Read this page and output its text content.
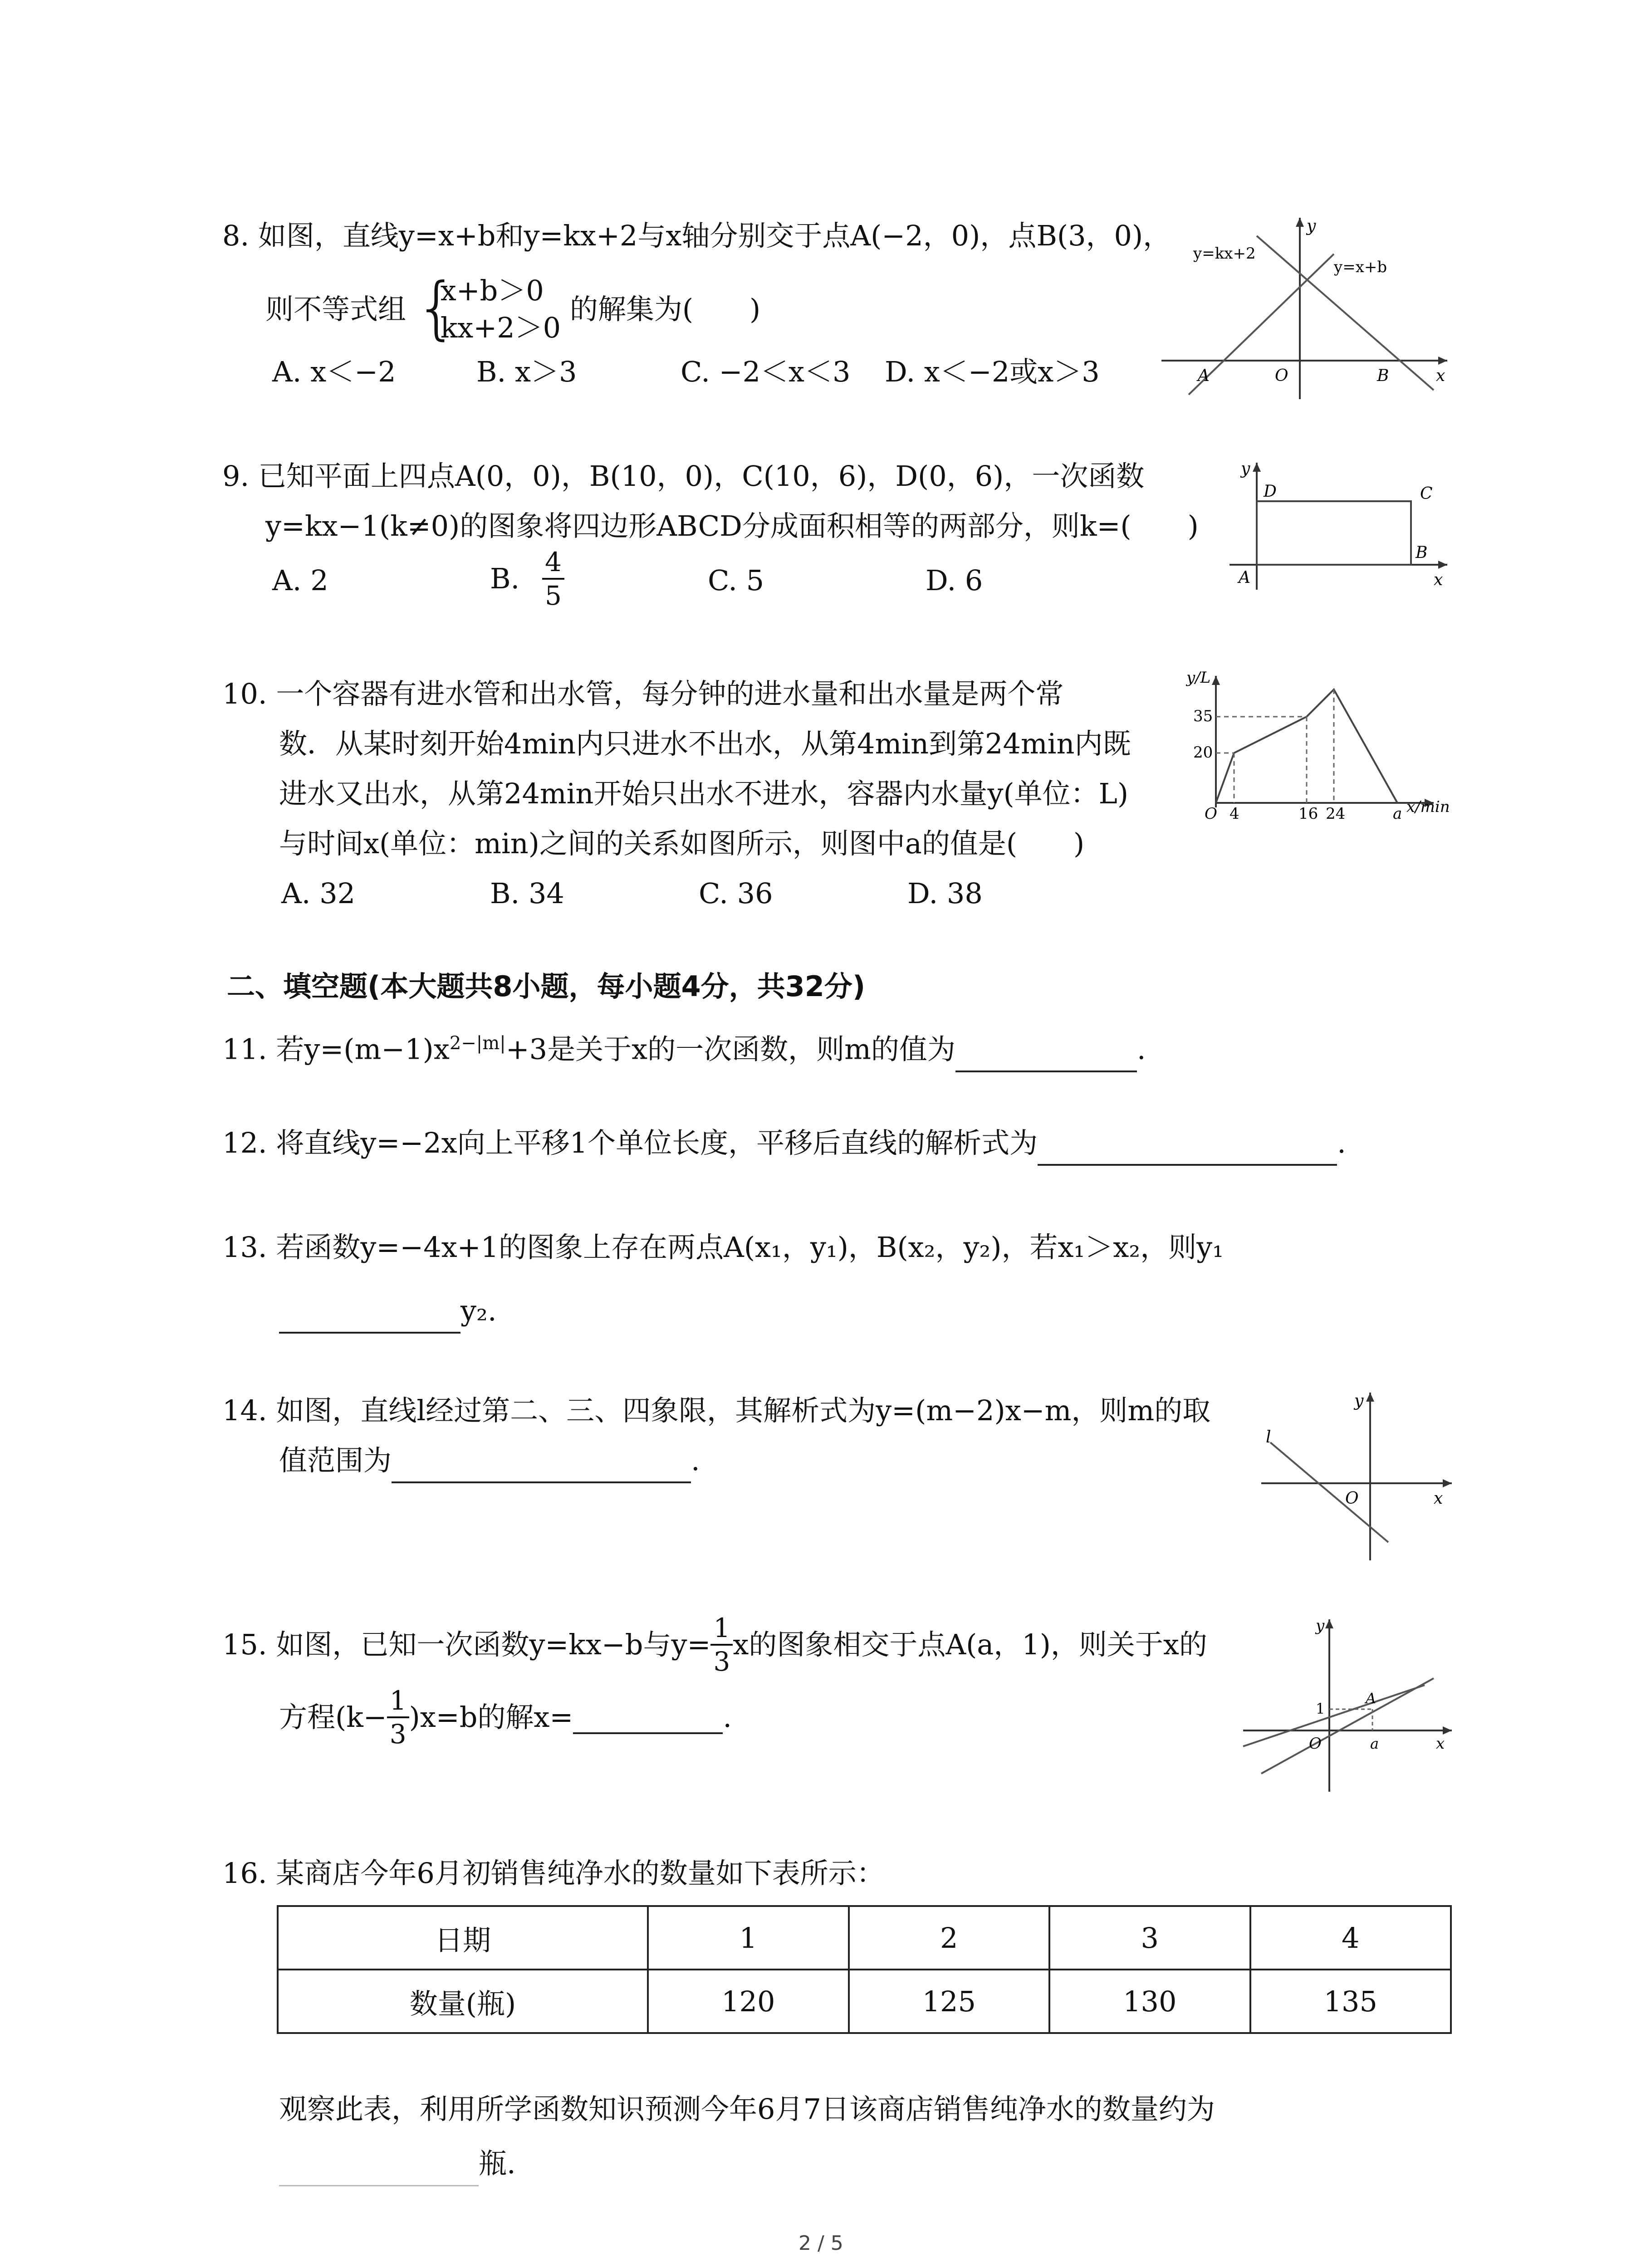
8. 如图，直线y=x+b和y=kx+2与x轴分别交于点A(−2，0)，点B(3，0)，
则不等式组 {
x+b＞0
kx+2＞0
的解集为(　　)
A. x＜−2	B. x＞3	C. −2＜x＜3 D. x＜−2或x＞3
y=kx+2
y=x+b
y
x
A	O	B
9. 已知平面上四点A(0，0)，B(10，0)，C(10，6)，D(0，6)，一次函数
y=kx−1(k≠0)的图象将四边形ABCD分成面积相等的两部分，则k=(　　)
A. 2	B. $\frac{4}{5}$	C. 5	D. 6
y
x
A
B
C
D
10. 一个容器有进水管和出水管，每分钟的进水量和出水量是两个常
数．从某时刻开始4min内只进水不出水，从第4min到第24min内既
进水又出水，从第24min开始只出水不进水，容器内水量y(单位：L)
与时间x(单位：min)之间的关系如图所示，则图中a的值是(　　)
A. 32	B. 34	C. 36	D. 38
y/L
x/min
35
20
O 4	16 24	a
二、填空题(本大题共8小题，每小题4分，共32分)
11. 若$y=(m-1)x^{2-|m|}+3$是关于x的一次函数，则m的值为	.
12. 将直线y=−2x向上平移1个单位长度，平移后直线的解析式为	.
13. 若函数y=−4x+1的图象上存在两点A(x₁，y₁)，B(x₂，y₂)，若x₁＞x₂，则y₁
y₂.
14. 如图，直线l经过第二、三、四象限，其解析式为y=(m−2)x−m，则m的取
值范围为	.
y
x
O
l
15. 如图，已知一次函数y=kx−b与$y= \frac{1}{3}$ x的图象相交于点A(a，1)，则关于x的
方程$(k- \frac{1}{3} )x=b$的解x=	.
y
x
O
1
A
a
16. 某商店今年6月初销售纯净水的数量如下表所示：
日期	1	2	3	4
数量(瓶)	120	125	130	135
观察此表，利用所学函数知识预测今年6月7日该商店销售纯净水的数量约为
瓶.
2 / 5
